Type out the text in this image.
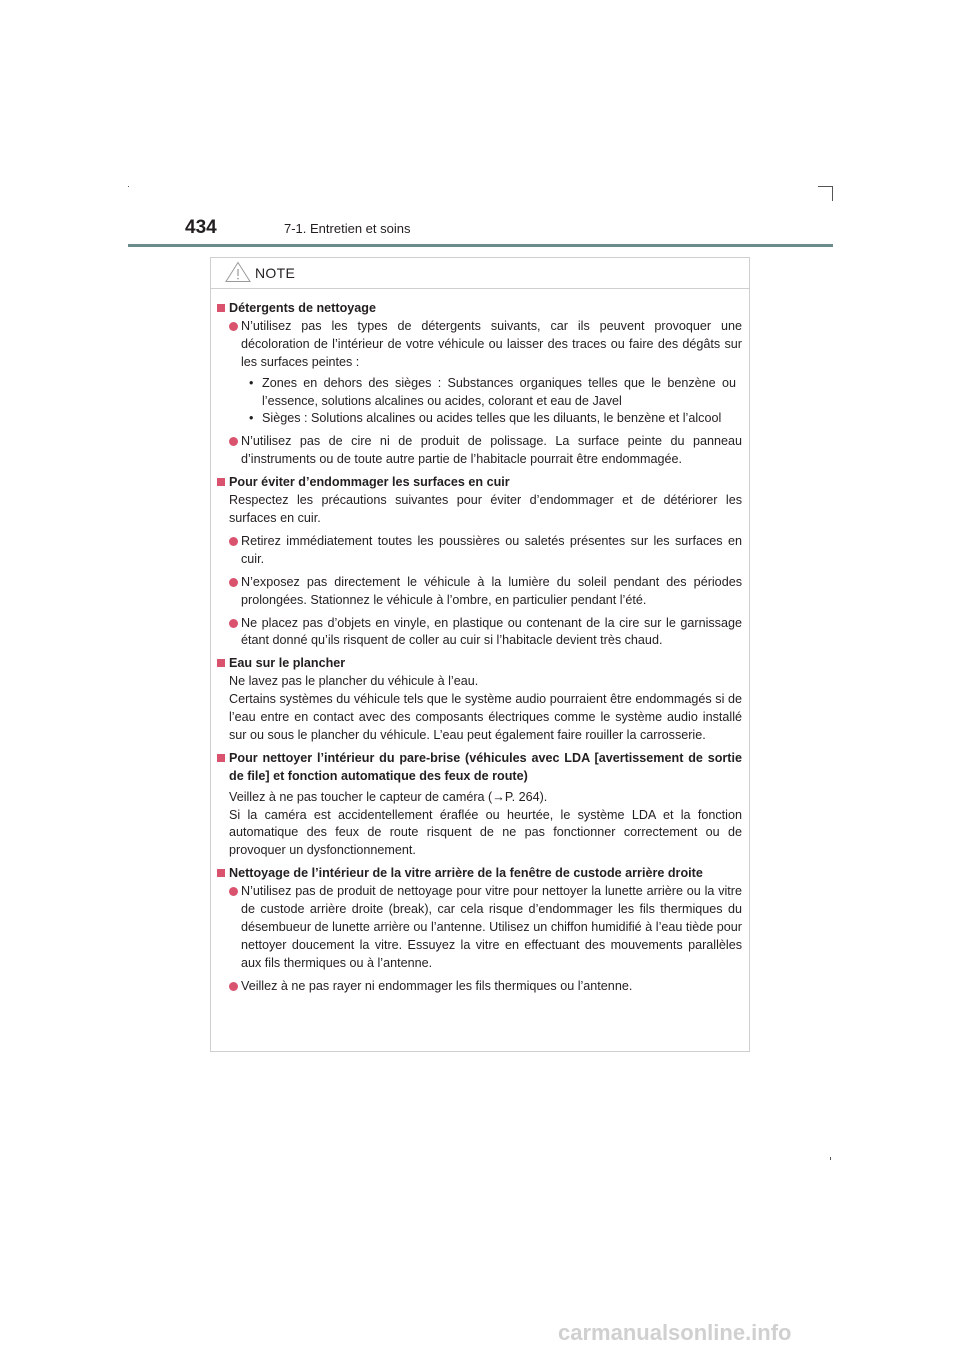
434	7-1. Entretien et soins
NOTE
Détergents de nettoyage
N’utilisez pas les types de détergents suivants, car ils peuvent provoquer une décoloration de l’intérieur de votre véhicule ou laisser des traces ou faire des dégâts sur les surfaces peintes :
• Zones en dehors des sièges : Substances organiques telles que le benzène ou l’essence, solutions alcalines ou acides, colorant et eau de Javel
• Sièges : Solutions alcalines ou acides telles que les diluants, le benzène et l’alcool
N’utilisez pas de cire ni de produit de polissage. La surface peinte du panneau d’instruments ou de toute autre partie de l’habitacle pourrait être endommagée.
Pour éviter d’endommager les surfaces en cuir
Respectez les précautions suivantes pour éviter d’endommager et de détériorer les surfaces en cuir.
Retirez immédiatement toutes les poussières ou saletés présentes sur les surfaces en cuir.
N’exposez pas directement le véhicule à la lumière du soleil pendant des périodes prolongées. Stationnez le véhicule à l’ombre, en particulier pendant l’été.
Ne placez pas d’objets en vinyle, en plastique ou contenant de la cire sur le garnissage étant donné qu’ils risquent de coller au cuir si l’habitacle devient très chaud.
Eau sur le plancher
Ne lavez pas le plancher du véhicule à l’eau.
Certains systèmes du véhicule tels que le système audio pourraient être endommagés si de l’eau entre en contact avec des composants électriques comme le système audio installé sur ou sous le plancher du véhicule. L’eau peut également faire rouiller la carrosserie.
Pour nettoyer l’intérieur du pare-brise (véhicules avec LDA [avertissement de sortie de file] et fonction automatique des feux de route)
Veillez à ne pas toucher le capteur de caméra (→P. 264).
Si la caméra est accidentellement éraflée ou heurtée, le système LDA et la fonction automatique des feux de route risquent de ne pas fonctionner correctement ou de provoquer un dysfonctionnement.
Nettoyage de l’intérieur de la vitre arrière de la fenêtre de custode arrière droite
N’utilisez pas de produit de nettoyage pour vitre pour nettoyer la lunette arrière ou la vitre de custode arrière droite (break), car cela risque d’endommager les fils thermiques du désembueur de lunette arrière ou l’antenne. Utilisez un chiffon humidifié à l’eau tiède pour nettoyer doucement la vitre. Essuyez la vitre en effectuant des mouvements parallèles aux fils thermiques ou à l’antenne.
Veillez à ne pas rayer ni endommager les fils thermiques ou l’antenne.
carmanualsonline.info
